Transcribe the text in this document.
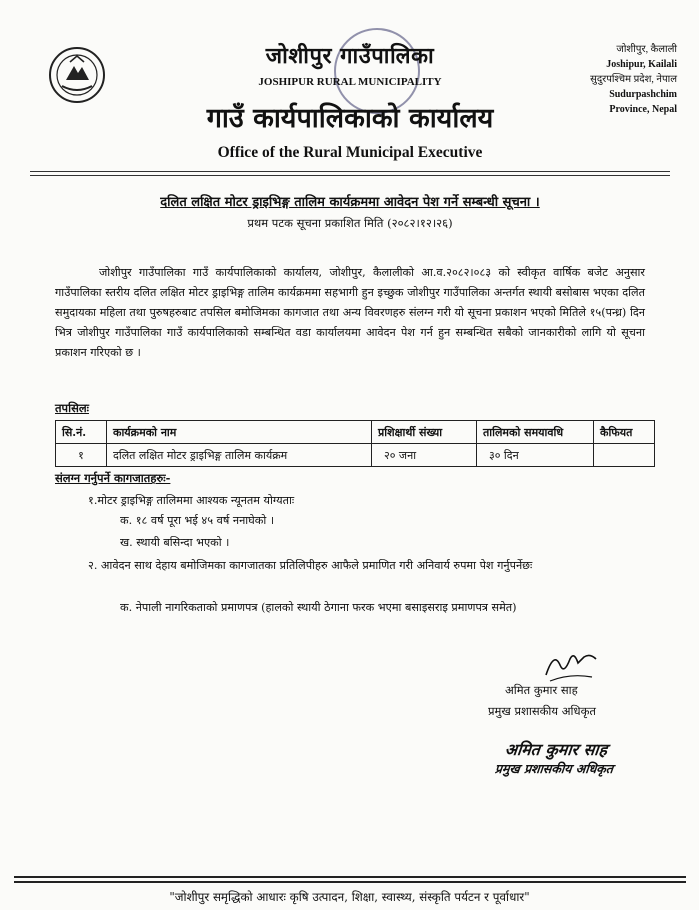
जोशीपुर गाउँपालिका
JOSHIPUR RURAL MUNICIPALITY
गाउँ कार्यपालिकाको कार्यालय
Office of the Rural Municipal Executive
जोशीपुर, कैलाली
Joshipur, Kailali
सुदुरपश्चिम प्रदेश, नेपाल
Sudurpashchim
Province, Nepal
दलित लक्षित मोटर ड्राइभिङ्ग तालिम कार्यक्रममा आवेदन पेश गर्ने सम्बन्धी सूचना ।
प्रथम पटक सूचना प्रकाशित मिति (२०८२।१२।२६)
जोशीपुर गाउँपालिका गाउँ कार्यपालिकाको कार्यालय, जोशीपुर, कैलालीको आ.व.२०८२।०८३ को स्वीकृत वार्षिक बजेट अनुसार गाउँपालिका स्तरीय दलित लक्षित मोटर ड्राइभिङ्ग तालिम कार्यक्रममा सहभागी हुन इच्छुक जोशीपुर गाउँपालिका अन्तर्गत स्थायी बसोबास भएका दलित समुदायका महिला तथा पुरुषहरुबाट तपसिल बमोजिमका कागजात तथा अन्य विवरणहरु संलग्न गरी यो सूचना प्रकाशन भएको मितिले १५(पन्ध्र) दिन भित्र जोशीपुर गाउँपालिका गाउँ कार्यपालिकाको सम्बन्धित वडा कार्यालयमा आवेदन पेश गर्न हुन सम्बन्धित सबैको जानकारीको लागि यो सूचना प्रकाशन गरिएको छ ।
तपसिलः
सि.नं.	कार्यक्रमको नाम	प्रशिक्षार्थी संख्या	तालिमको समयावधि	कैफियत
१	दलित लक्षित मोटर ड्राइभिङ्ग तालिम कार्यक्रम	२० जना	३० दिन	
संलग्न गर्नुपर्ने कागजातहरुः-
१.मोटर ड्राइभिङ्ग तालिममा आश्यक न्यूनतम योग्यताः
क. १८ वर्ष पूरा भई ४५ वर्ष ननाघेको ।
ख. स्थायी बसिन्दा भएको ।
२. आवेदन साथ देहाय बमोजिमका कागजातका प्रतिलिपीहरु आफैले प्रमाणित गरी अनिवार्य रुपमा पेश गर्नुपर्नेछः
क. नेपाली नागरिकताको प्रमाणपत्र (हालको स्थायी ठेगाना फरक भएमा बसाइसराइ प्रमाणपत्र समेत)
अमित कुमार साह
प्रमुख प्रशासकीय अधिकृत
अमित कुमार साह
प्रमुख प्रशासकीय अधिकृत
"जोशीपुर समृद्धिको आधारः कृषि उत्पादन, शिक्षा, स्वास्थ्य, संस्कृति पर्यटन र पूर्वाधार"
